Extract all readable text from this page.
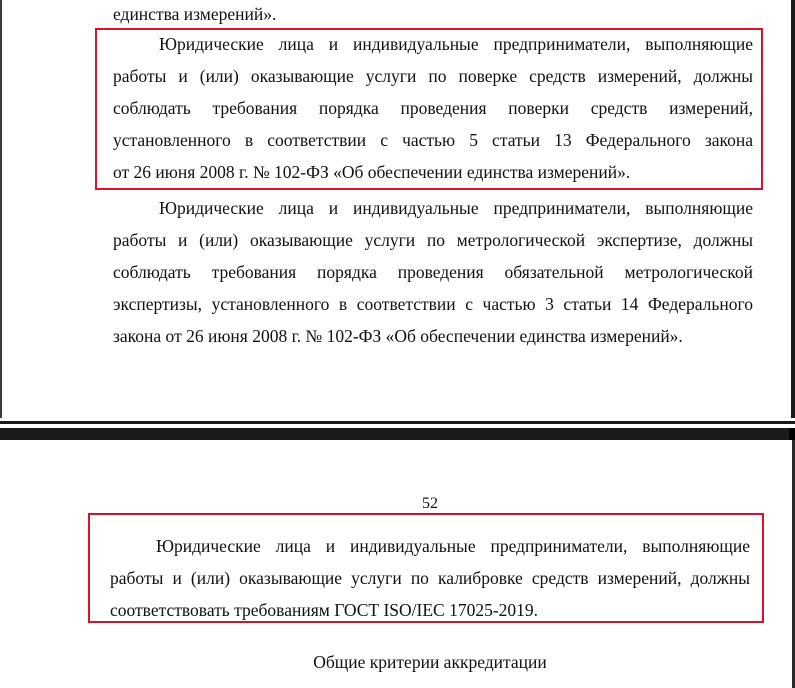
единства измерений».

Юридические лица и индивидуальные предприниматели, выполняющие
работы и (или) оказывающие услуги по поверке средств измерений, должны
соблюдать требования порядка проведения поверки средств измерений,
установленного в соответствии с частью 5 статьи 13 Федерального закона
от 26 июня 2008 г. № 102-ФЗ «Об обеспечении единства измерений».
Юридические лица и индивидуальные предприниматели, выполняющие
работы и (или) оказывающие услуги по метрологической экспертизе, должны
соблюдать требования порядка проведения обязательной метрологической
экспертизы, установленного в соответствии с частью 3 статьи 14 Федерального
закона от 26 июня 2008 г. № 102-ФЗ «Об обеспечении единства измерений».
52
Юридические лица и индивидуальные предприниматели, выполняющие
работы и (или) оказывающие услуги по калибровке средств измерений, должны
соответствовать требованиям ГОСТ ISO/IEC 17025-2019.
Общие критерии аккредитации
